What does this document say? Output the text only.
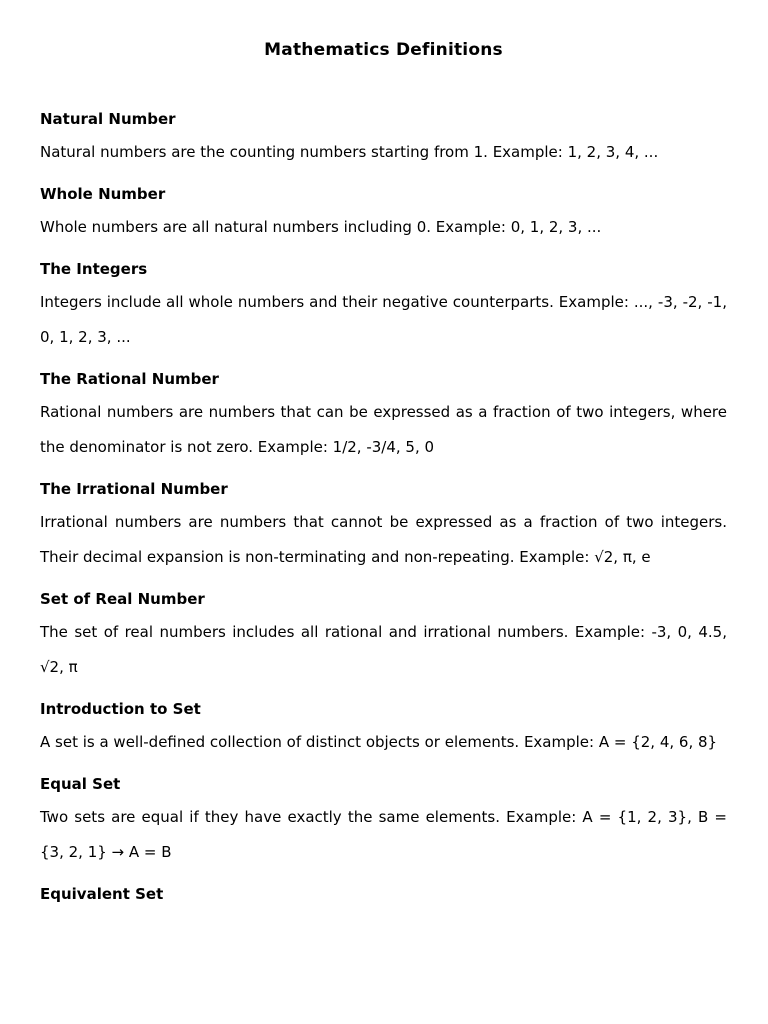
Mathematics Definitions
Natural Number

Natural numbers are the counting numbers starting from 1. Example: 1, 2, 3, 4, ...

Whole Number

Whole numbers are all natural numbers including 0. Example: 0, 1, 2, 3, ...

The Integers

Integers include all whole numbers and their negative counterparts. Example: ..., -3, -2, -1, 0, 1, 2, 3, ...

The Rational Number

Rational numbers are numbers that can be expressed as a fraction of two integers, where the denominator is not zero. Example: 1/2, -3/4, 5, 0

The Irrational Number

Irrational numbers are numbers that cannot be expressed as a fraction of two integers. Their decimal expansion is non-terminating and non-repeating. Example: √2, π, e

Set of Real Number

The set of real numbers includes all rational and irrational numbers. Example: -3, 0, 4.5, √2, π

Introduction to Set

A set is a well-defined collection of distinct objects or elements. Example: A = {2, 4, 6, 8}

Equal Set

Two sets are equal if they have exactly the same elements. Example: A = {1, 2, 3}, B = {3, 2, 1} → A = B

Equivalent Set
